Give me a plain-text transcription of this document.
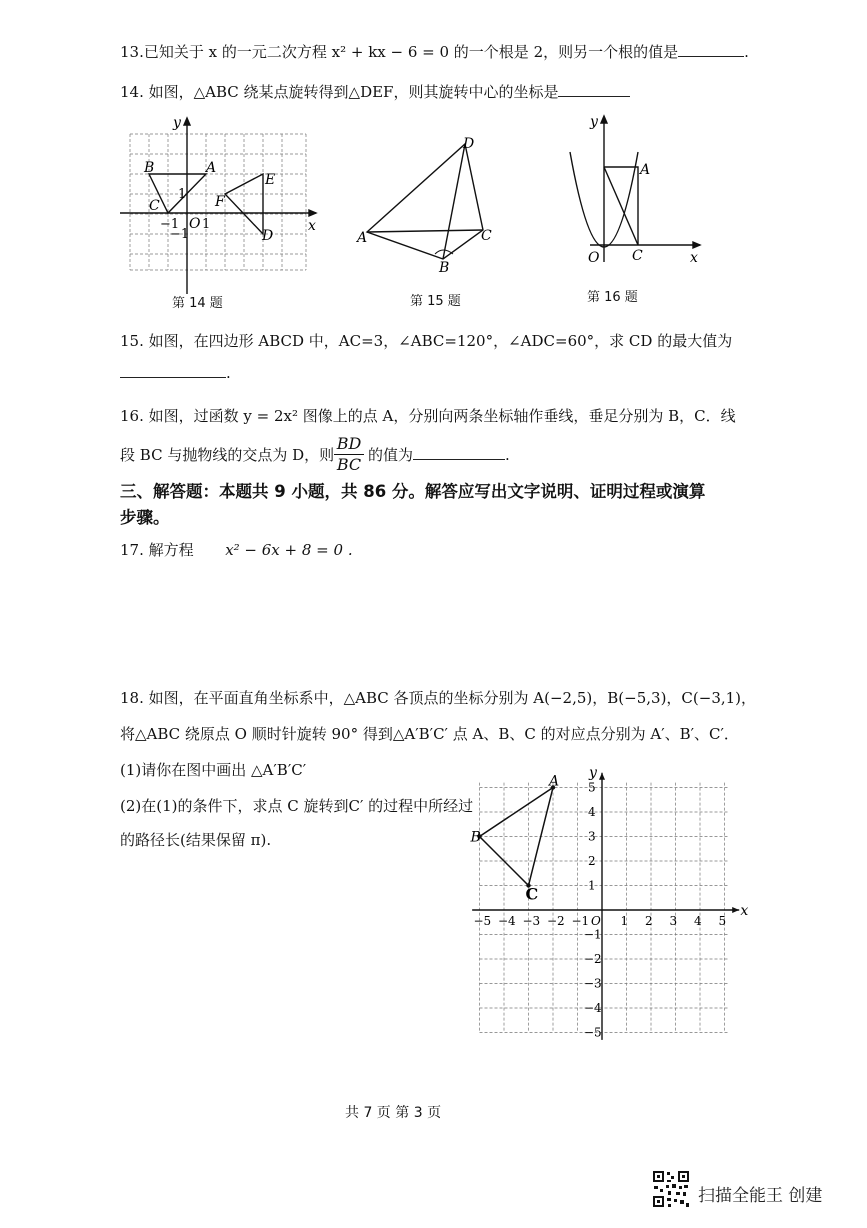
13.已知关于 x 的一元二次方程 x² + kx − 6 = 0 的一个根是 2，则另一个根的值是	.
14. 如图，△ABC 绕某点旋转得到△DEF，则其旋转中心的坐标是
y
x
B	A
C
E
F
D
O
−1 1
1
−1
第 14 题
D
A	C
B
第 15 题
y
x
A
O C
第 16 题
15. 如图，在四边形 ABCD 中，AC=3，∠ABC=120°，∠ADC=60°，求 CD 的最大值为
.
16. 如图，过函数 y = 2x² 图像上的点 A，分别向两条坐标轴作垂线，垂足分别为 B，C．线
段 BC 与抛物线的交点为 D，则 $\frac{BD}{BC}$ 的值为	.
三、解答题：本题共 9 小题，共 86 分。解答应写出文字说明、证明过程或演算
步骤。
17. 解方程 x² − 6x + 8 = 0 .
18. 如图，在平面直角坐标系中，△ABC 各顶点的坐标分别为 A(−2,5)，B(−5,3)，C(−3,1)，
将△ABC 绕原点 O 顺时针旋转 90° 得到△A′B′C′ 点 A、B、C 的对应点分别为 A′、B′、C′．
(1)请你在图中画出 △A′B′C′
(2)在(1)的条件下，求点 C 旋转到C′ 的过程中所经过
的路径长(结果保留 π).
x
y
−5 −4 −3 −2 −1 O 1 2 3 4 5
5
4
3
2
1
−1
−2
−3
−4
−5
A
B
C
共 7 页 第 3 页
扫描全能王 创建
